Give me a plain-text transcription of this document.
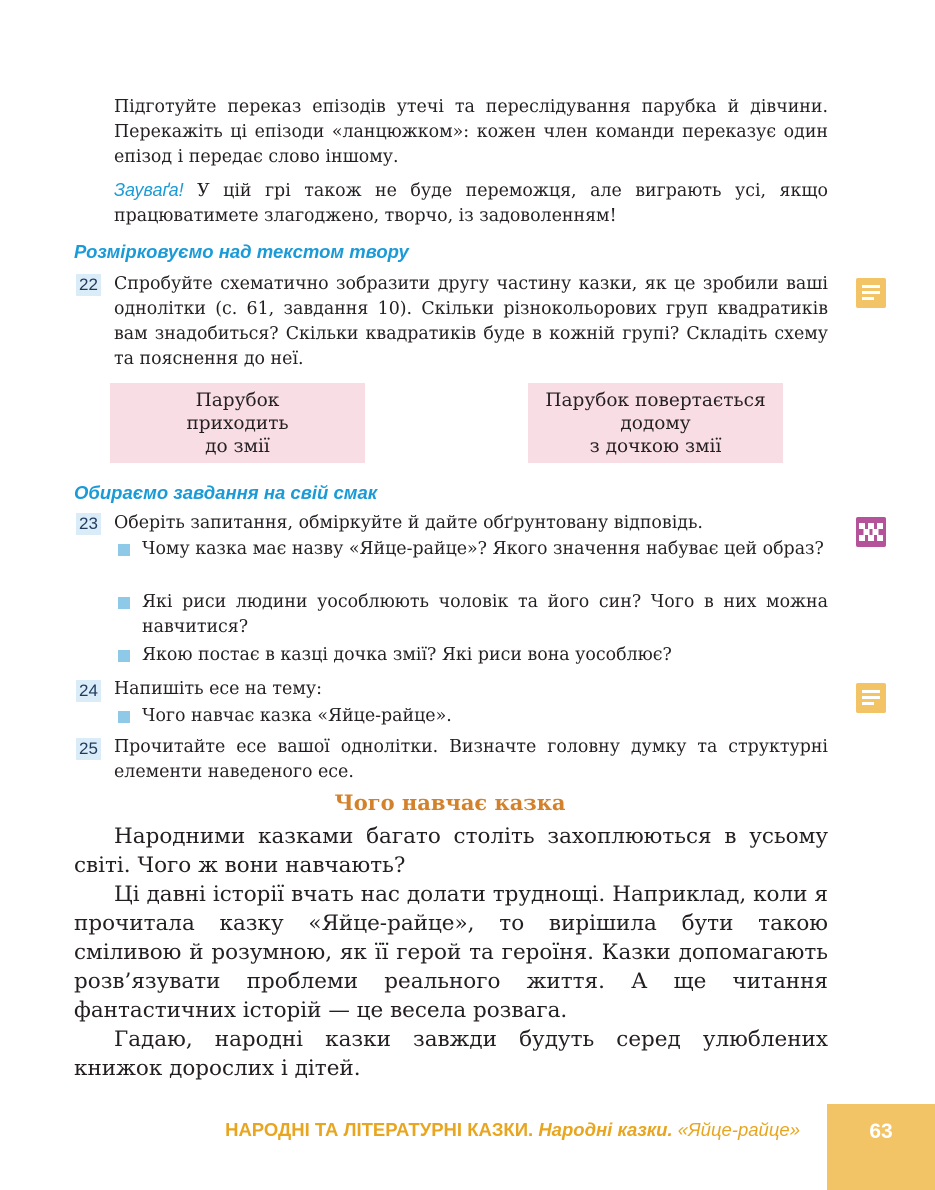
Підготуйте переказ епізодів утечі та переслідування парубка й дівчини. Перекажіть ці епізоди «ланцюжком»: кожен член команди переказує один епізод і передає слово іншому.
Зауваґа! У цій грі також не буде переможця, але виграють усі, якщо працюватимете злагоджено, творчо, із задоволенням!
Розмірковуємо над текстом твору
22 Спробуйте схематично зобразити другу частину казки, як це зробили ваші однолітки (с. 61, завдання 10). Скільки різнокольорових груп квадратиків вам знадобиться? Скільки квадратиків буде в кожній групі? Складіть схему та пояснення до неї.
Парубок
приходить
до змії
Парубок повертається
додому
з дочкою змії
Обираємо завдання на свій смак
23 Оберіть запитання, обміркуйте й дайте обґрунтовану відповідь.
Чому казка має назву «Яйце-райце»? Якого значення набуває цей образ?
Які риси людини уособлюють чоловік та його син? Чого в них можна навчитися?
Якою постає в казці дочка змії? Які риси вона уособлює?
24 Напишіть есе на тему:
Чого навчає казка «Яйце-райце».
25 Прочитайте есе вашої однолітки. Визначте головну думку та структурні елементи наведеного есе.
Чого навчає казка
Народними казками багато століть захоплюються в усьому світі. Чого ж вони навчають?
Ці давні історії вчать нас долати труднощі. Наприклад, коли я прочитала казку «Яйце-райце», то вирішила бути такою сміливою й розумною, як її герой та героїня. Казки допомагають розв’язувати проблеми реального життя. А ще читання фантастичних історій — це весела розвага.
Гадаю, народні казки завжди будуть серед улюблених книжок дорослих і дітей.
НАРОДНІ ТА ЛІТЕРАТУРНІ КАЗКИ. Народні казки. «Яйце-райце»	63
